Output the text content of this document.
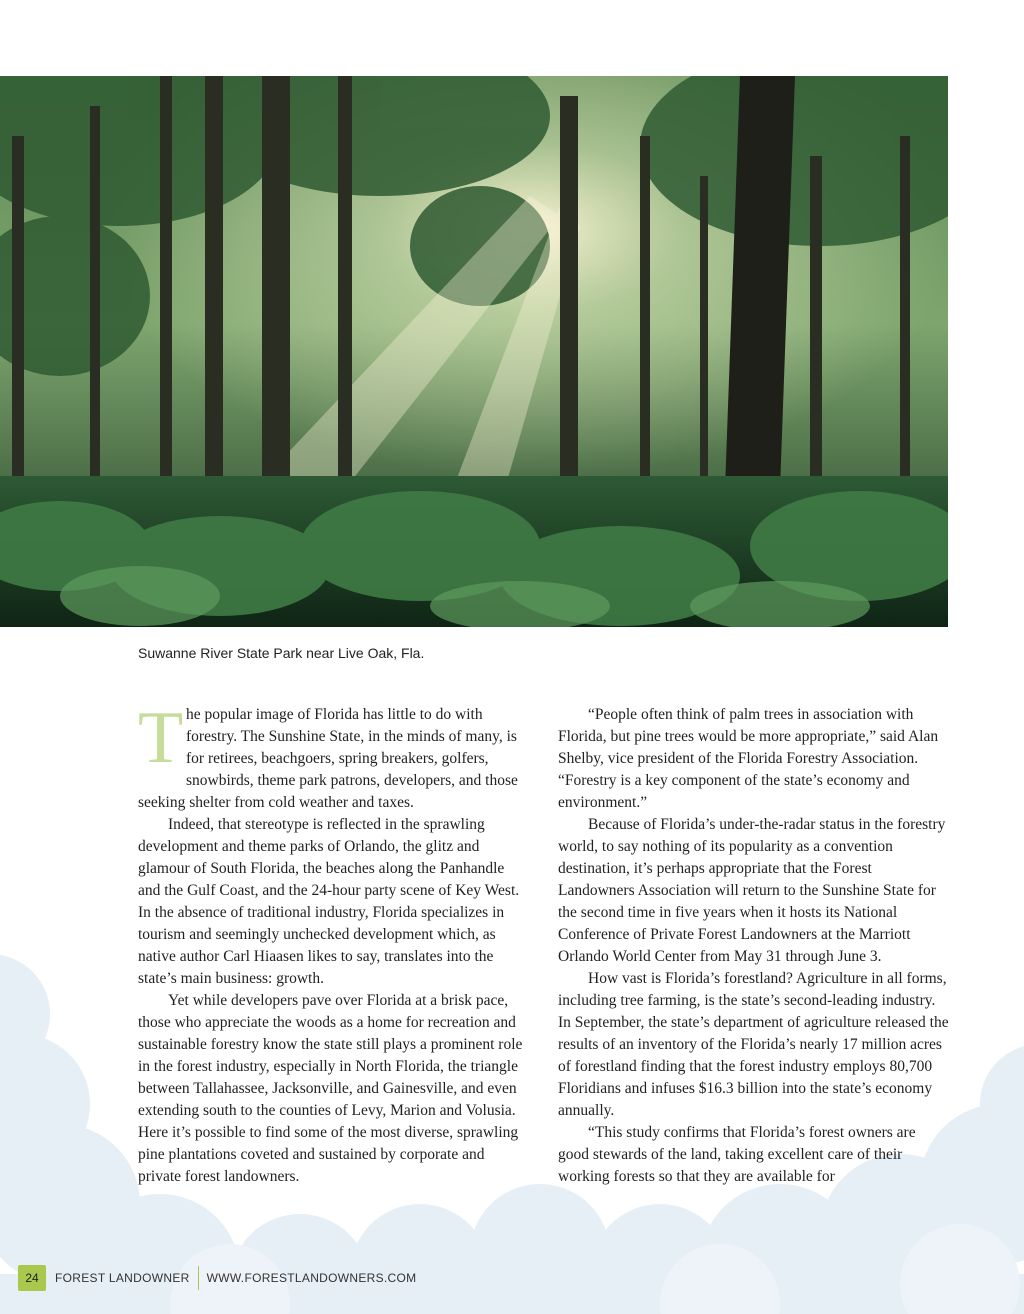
Suwanne River State Park near Live Oak, Fla.

The popular image of Florida has little to do with forestry. The Sunshine State, in the minds of many, is for retirees, beachgoers, spring breakers, golfers, snowbirds, theme park patrons, developers, and those seeking shelter from cold weather and taxes.

Indeed, that stereotype is reflected in the sprawling development and theme parks of Orlando, the glitz and glamour of South Florida, the beaches along the Panhandle and the Gulf Coast, and the 24-hour party scene of Key West. In the absence of traditional industry, Florida specializes in tourism and seemingly unchecked development which, as native author Carl Hiaasen likes to say, translates into the state’s main business: growth.

Yet while developers pave over Florida at a brisk pace, those who appreciate the woods as a home for recreation and sustainable forestry know the state still plays a prominent role in the forest industry, especially in North Florida, the triangle between Tallahassee, Jacksonville, and Gainesville, and even extending south to the counties of Levy, Marion and Volusia. Here it’s possible to find some of the most diverse, sprawling pine plantations coveted and sustained by corporate and private forest landowners.

“People often think of palm trees in association with Florida, but pine trees would be more appropriate,” said Alan Shelby, vice president of the Florida Forestry Association. “Forestry is a key component of the state’s economy and environment.”

Because of Florida’s under-the-radar status in the forestry world, to say nothing of its popularity as a convention destination, it’s perhaps appropriate that the Forest Landowners Association will return to the Sunshine State for the second time in five years when it hosts its National Conference of Private Forest Landowners at the Marriott Orlando World Center from May 31 through June 3.

How vast is Florida’s forestland? Agriculture in all forms, including tree farming, is the state’s second-leading industry. In September, the state’s department of agriculture released the results of an inventory of the Florida’s nearly 17 million acres of forestland finding that the forest industry employs 80,700 Floridians and infuses $16.3 billion into the state’s economy annually.

“This study confirms that Florida’s forest owners are good stewards of the land, taking excellent care of their working forests so that they are available for

24	FOREST LANDOWNER WWW.FORESTLANDOWNERS.COM
